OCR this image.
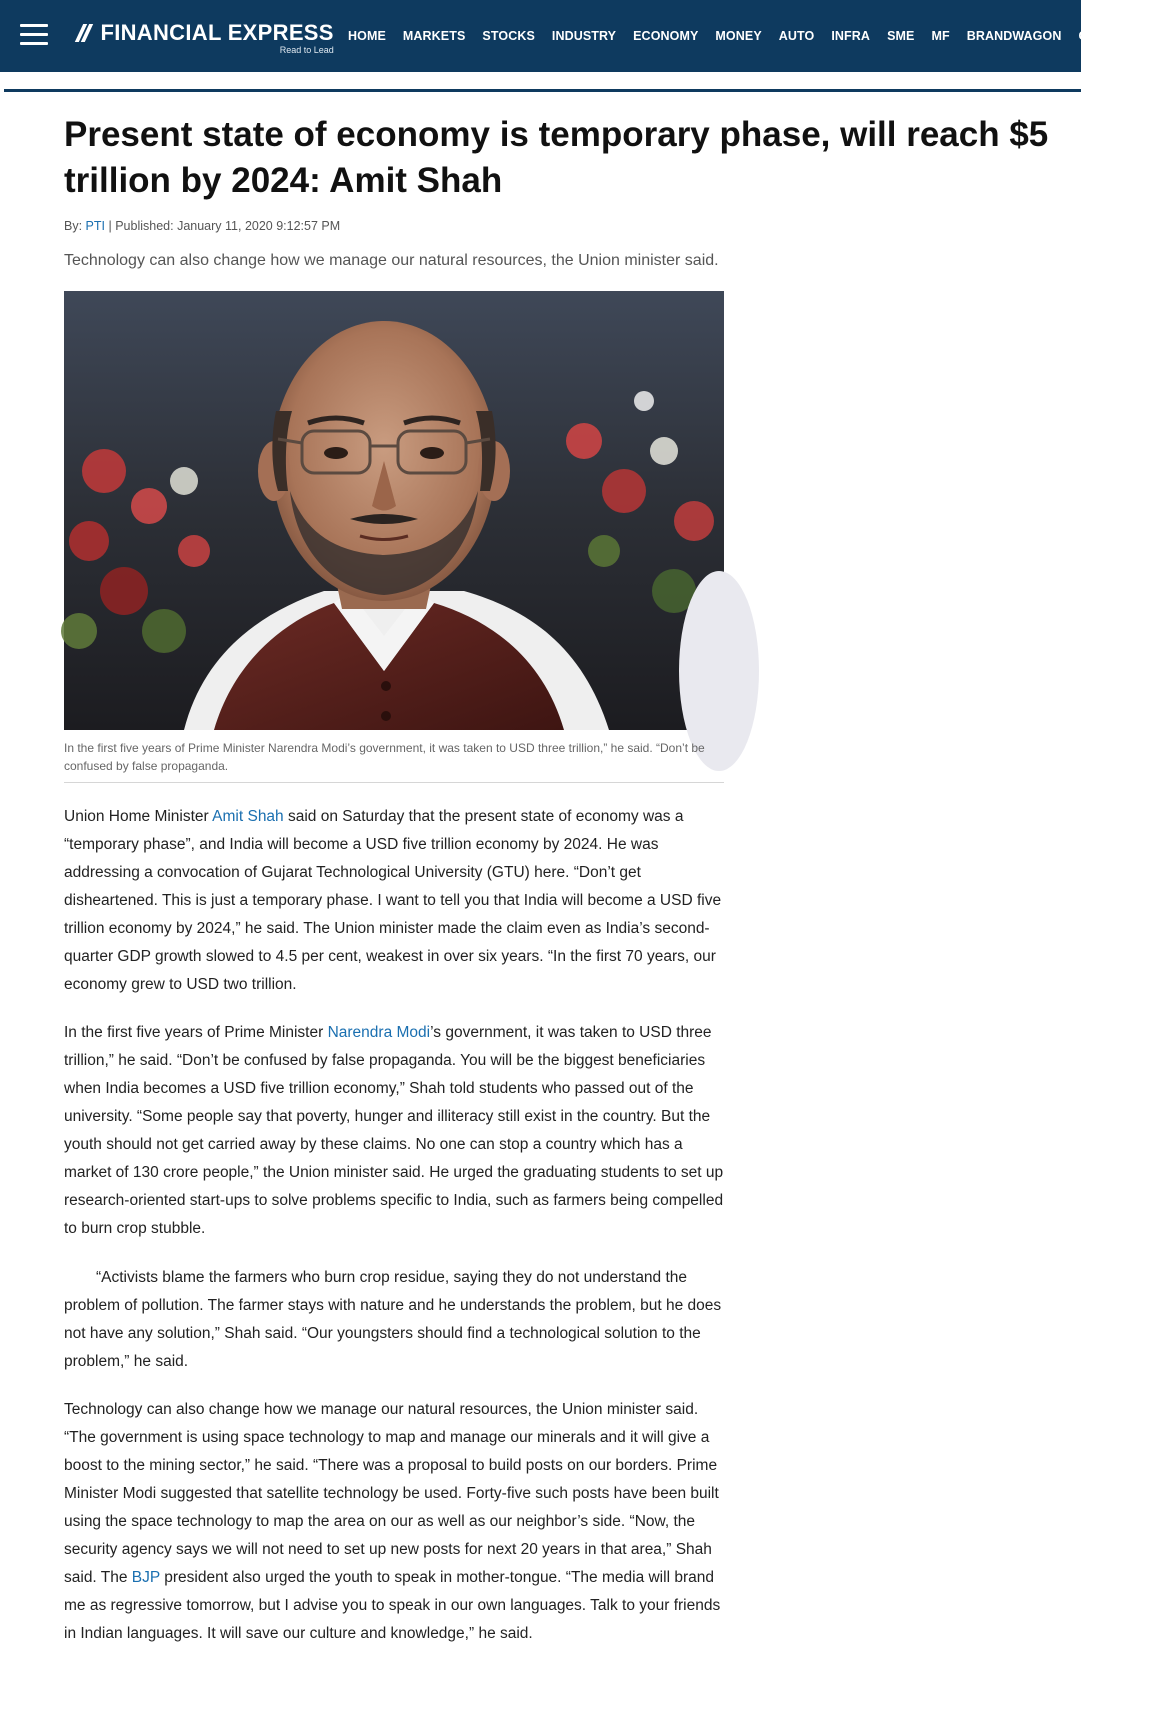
FINANCIAL EXPRESS
Read to Lead
HOME MARKETS STOCKS INDUSTRY ECONOMY MONEY AUTO INFRA SME MF BRANDWAGON OPINION
Present state of economy is temporary phase, will reach $5
trillion by 2024: Amit Shah
By: PTI | Published: January 11, 2020 9:12:57 PM
Technology can also change how we manage our natural resources, the Union minister said.
In the first five years of Prime Minister Narendra Modi’s government, it was taken to USD three trillion,” he said. “Don’t be confused by false propaganda.

Union Home Minister Amit Shah said on Saturday that the present state of economy was a “temporary phase”, and India will become a USD five trillion economy by 2024. He was addressing a convocation of Gujarat Technological University (GTU) here. “Don’t get disheartened. This is just a temporary phase. I want to tell you that India will become a USD five trillion economy by 2024,” he said. The Union minister made the claim even as India’s second-quarter GDP growth slowed to 4.5 per cent, weakest in over six years. “In the first 70 years, our economy grew to USD two trillion.

In the first five years of Prime Minister Narendra Modi’s government, it was taken to USD three trillion,” he said. “Don’t be confused by false propaganda. You will be the biggest beneficiaries when India becomes a USD five trillion economy,” Shah told students who passed out of the university. “Some people say that poverty, hunger and illiteracy still exist in the country. But the youth should not get carried away by these claims. No one can stop a country which has a market of 130 crore people,” the Union minister said. He urged the graduating students to set up research-oriented start-ups to solve problems specific to India, such as farmers being compelled to burn crop stubble.

“Activists blame the farmers who burn crop residue, saying they do not understand the problem of pollution. The farmer stays with nature and he understands the problem, but he does not have any solution,” Shah said. “Our youngsters should find a technological solution to the problem,” he said.

Technology can also change how we manage our natural resources, the Union minister said. “The government is using space technology to map and manage our minerals and it will give a boost to the mining sector,” he said. “There was a proposal to build posts on our borders. Prime Minister Modi suggested that satellite technology be used. Forty-five such posts have been built using the space technology to map the area on our as well as our neighbor’s side. “Now, the security agency says we will not need to set up new posts for next 20 years in that area,” Shah said. The BJP president also urged the youth to speak in mother-tongue. “The media will brand me as regressive tomorrow, but I advise you to speak in our own languages. Talk to your friends in Indian languages. It will save our culture and knowledge,” he said.
